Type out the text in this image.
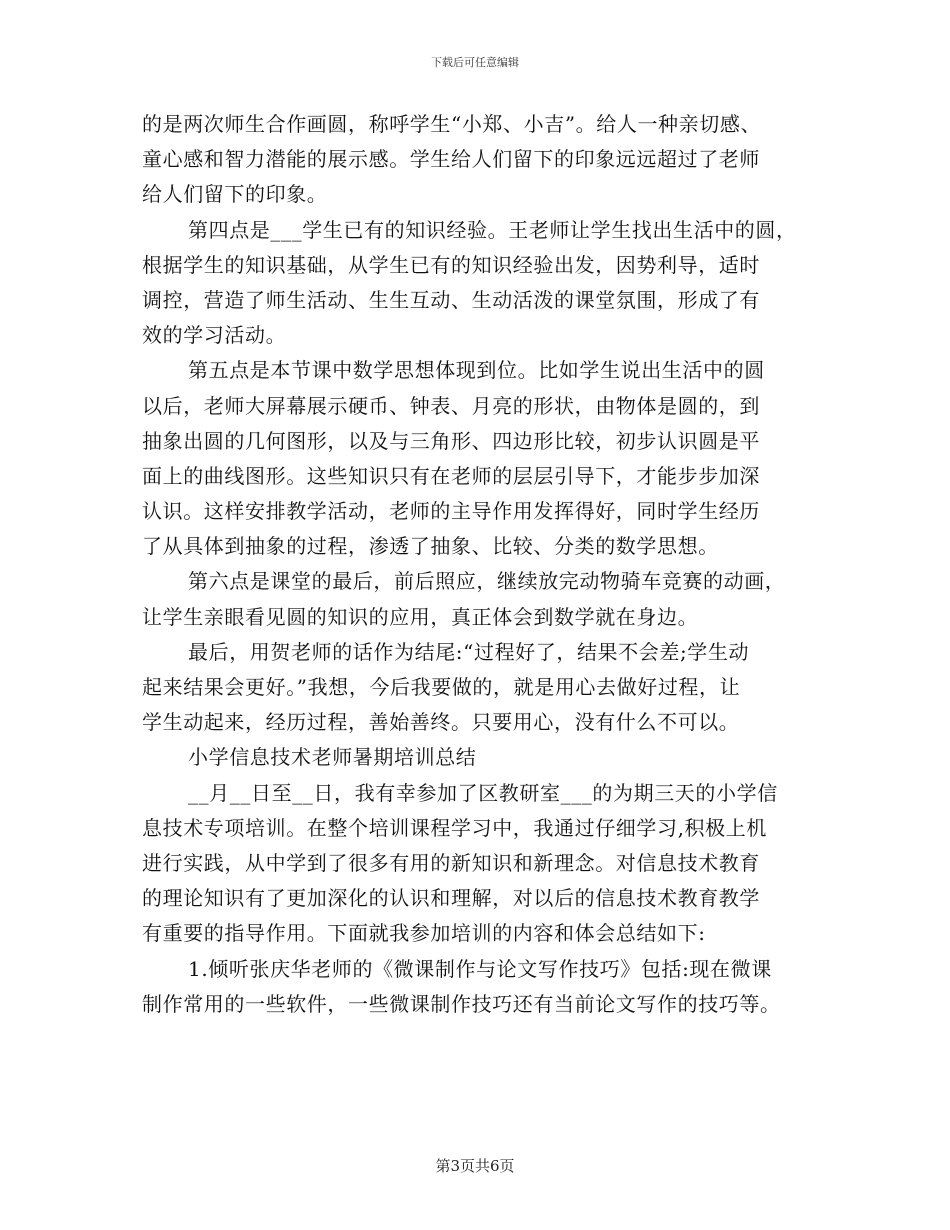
下载后可任意编辑
的是两次师生合作画圆，称呼学生“小郑、小吉”。给人一种亲切感、
童心感和智力潜能的展示感。学生给人们留下的印象远远超过了老师
给人们留下的印象。
第四点是___学生已有的知识经验。王老师让学生找出生活中的圆，
根据学生的知识基础，从学生已有的知识经验出发，因势利导，适时
调控，营造了师生活动、生生互动、生动活泼的课堂氛围，形成了有
效的学习活动。
第五点是本节课中数学思想体现到位。比如学生说出生活中的圆
以后，老师大屏幕展示硬币、钟表、月亮的形状，由物体是圆的，到
抽象出圆的几何图形，以及与三角形、四边形比较，初步认识圆是平
面上的曲线图形。这些知识只有在老师的层层引导下，才能步步加深
认识。这样安排教学活动，老师的主导作用发挥得好，同时学生经历
了从具体到抽象的过程，渗透了抽象、比较、分类的数学思想。
第六点是课堂的最后，前后照应，继续放完动物骑车竞赛的动画，
让学生亲眼看见圆的知识的应用，真正体会到数学就在身边。
最后，用贺老师的话作为结尾:“过程好了，结果不会差;学生动
起来结果会更好。”我想，今后我要做的，就是用心去做好过程，让
学生动起来，经历过程，善始善终。只要用心，没有什么不可以。
小学信息技术老师暑期培训总结
__月__日至__日，我有幸参加了区教研室___的为期三天的小学信
息技术专项培训。在整个培训课程学习中，我通过仔细学习,积极上机
进行实践，从中学到了很多有用的新知识和新理念。对信息技术教育
的理论知识有了更加深化的认识和理解，对以后的信息技术教育教学
有重要的指导作用。下面就我参加培训的内容和体会总结如下:
1.倾听张庆华老师的《微课制作与论文写作技巧》包括:现在微课
制作常用的一些软件，一些微课制作技巧还有当前论文写作的技巧等。
第3页共6页
